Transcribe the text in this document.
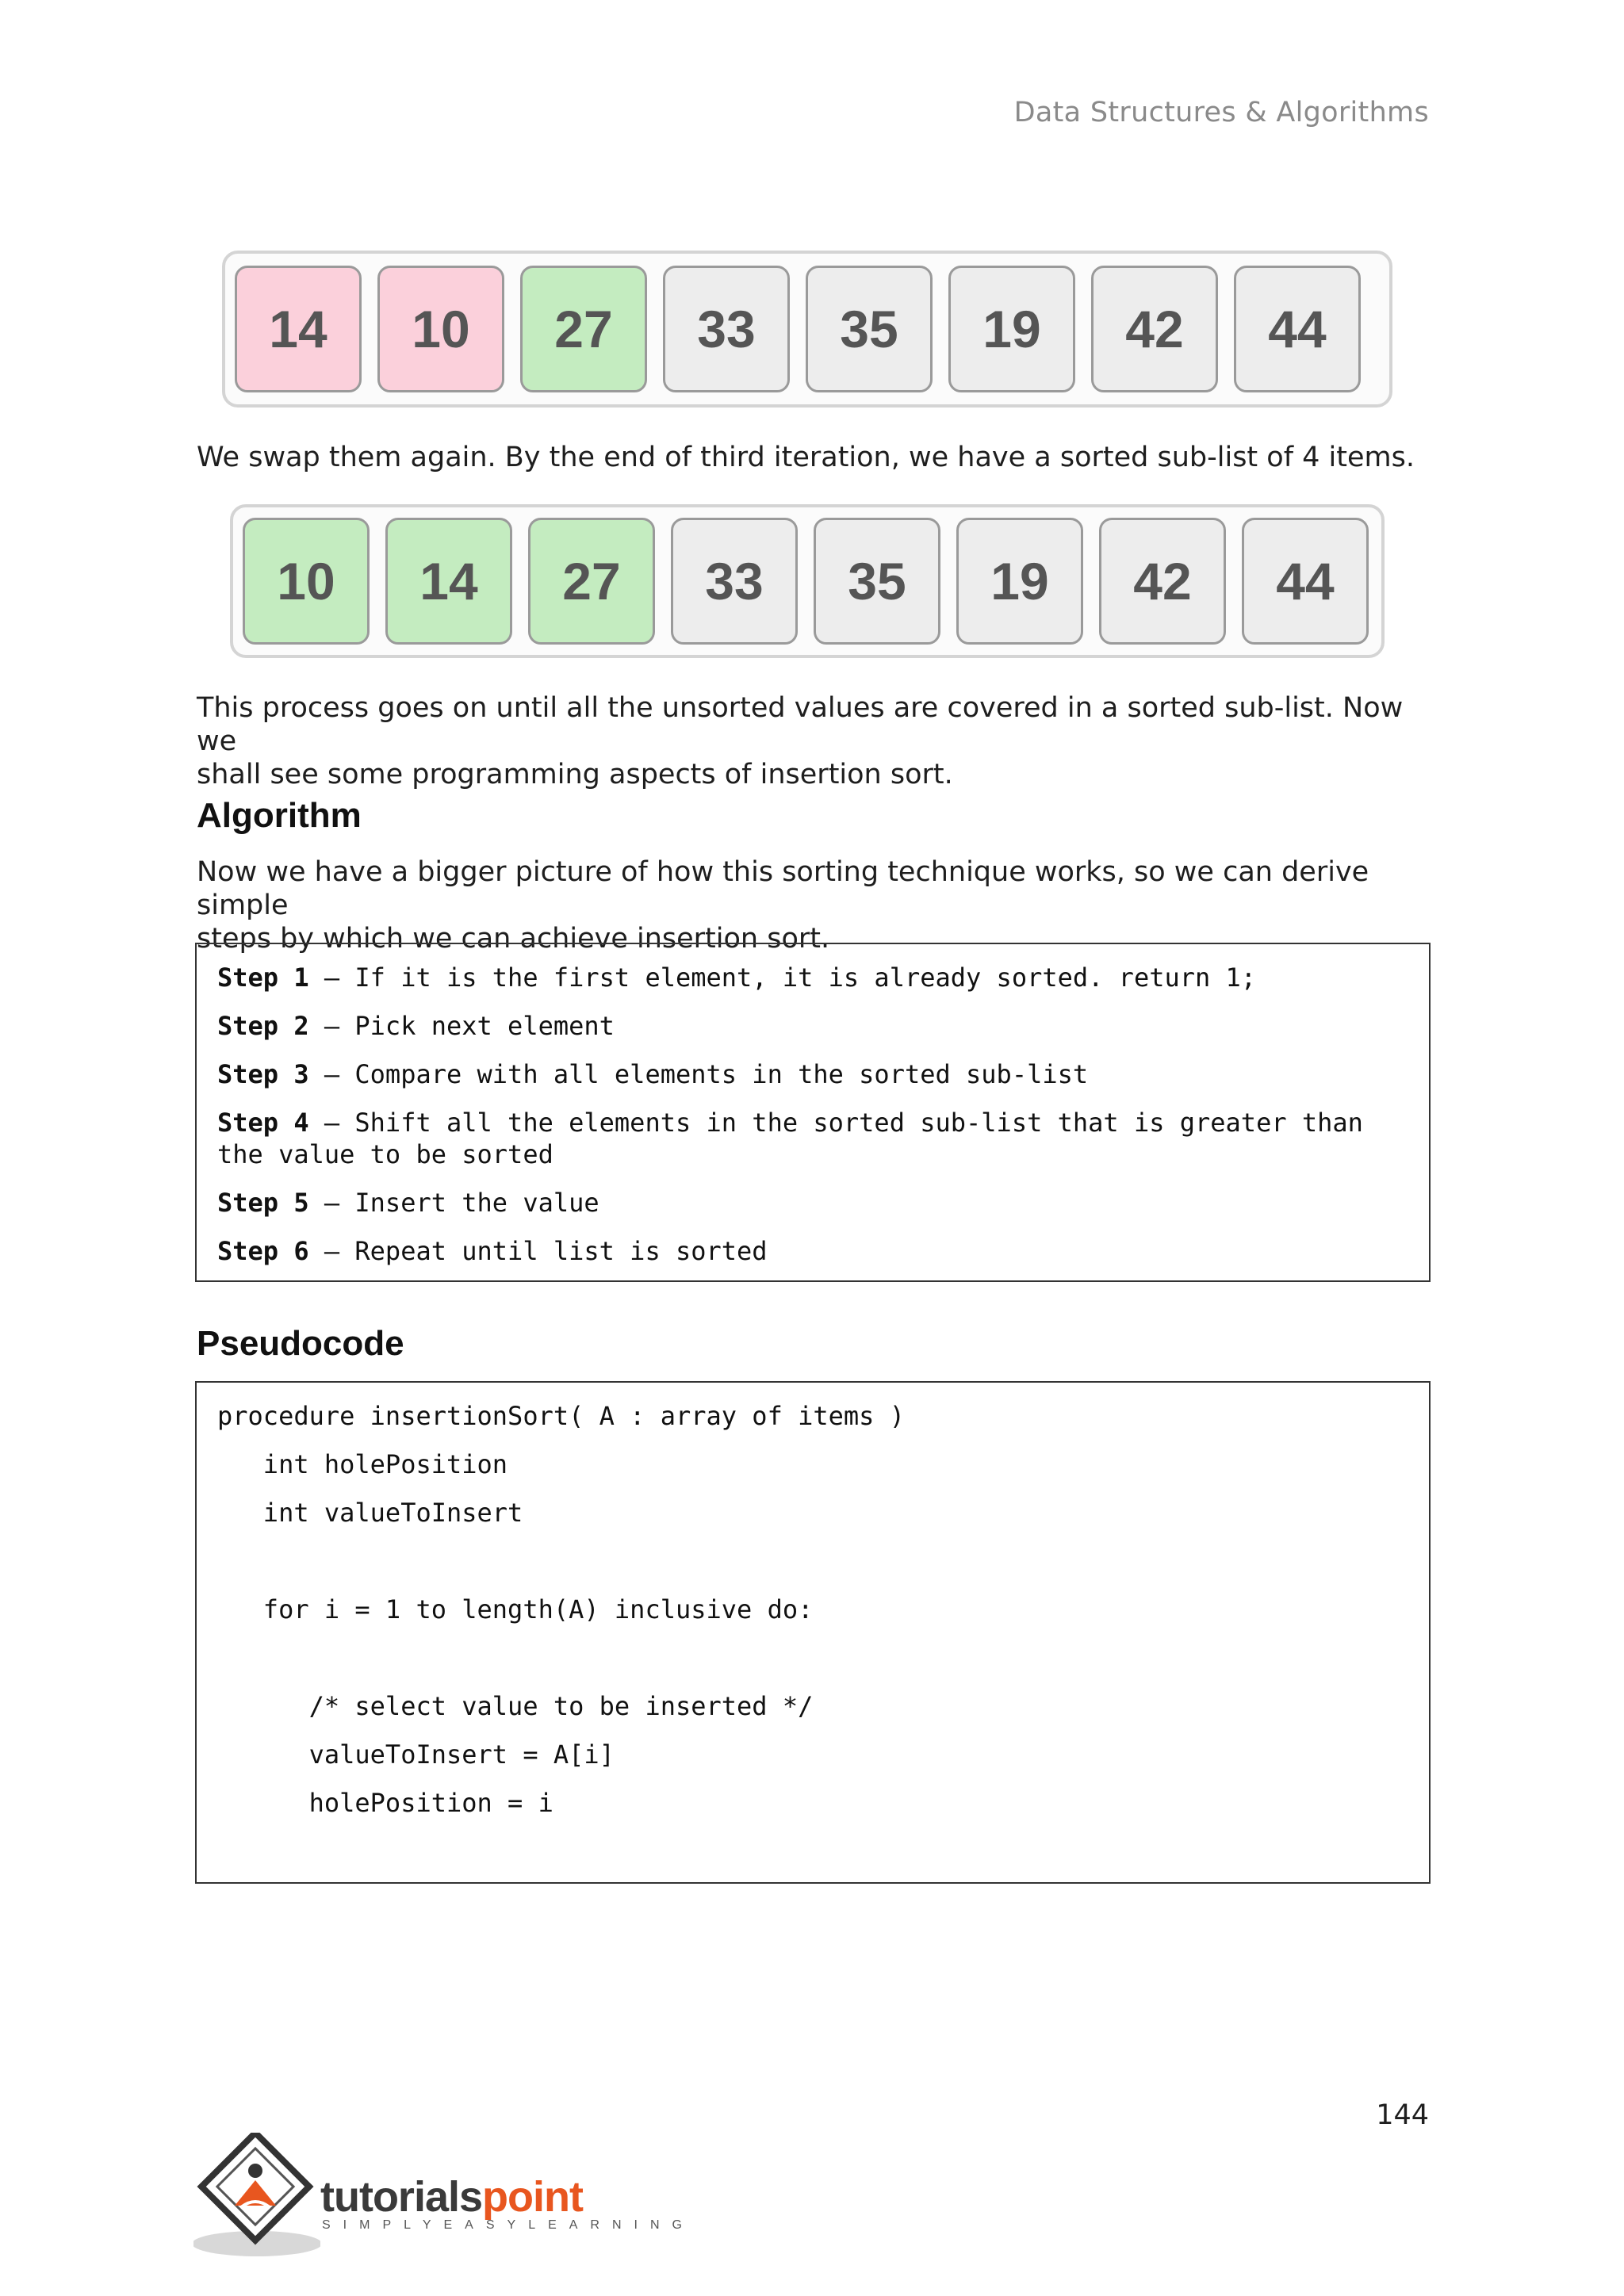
Data Structures & Algorithms
14	10	27	33	35	19	42	44

We swap them again. By the end of third iteration, we have a sorted sub-list of 4 items.

10	14	27	33	35	19	42	44
This process goes on until all the unsorted values are covered in a sorted sub-list. Now we
shall see some programming aspects of insertion sort.
Algorithm
Now we have a bigger picture of how this sorting technique works, so we can derive simple
steps by which we can achieve insertion sort.
Step 1 – If it is the first element, it is already sorted. return 1;
Step 2 – Pick next element
Step 3 – Compare with all elements in the sorted sub-list
Step 4 – Shift all the elements in the sorted sub-list that is greater than the value to be sorted
Step 5 – Insert the value
Step 6 – Repeat until list is sorted
Pseudocode
procedure insertionSort( A : array of items )
int holePosition
int valueToInsert
for i = 1 to length(A) inclusive do:
/* select value to be inserted */
valueToInsert = A[i]
holePosition = i
144
tutorialspoint
SIMPLYEASYLEARNING
